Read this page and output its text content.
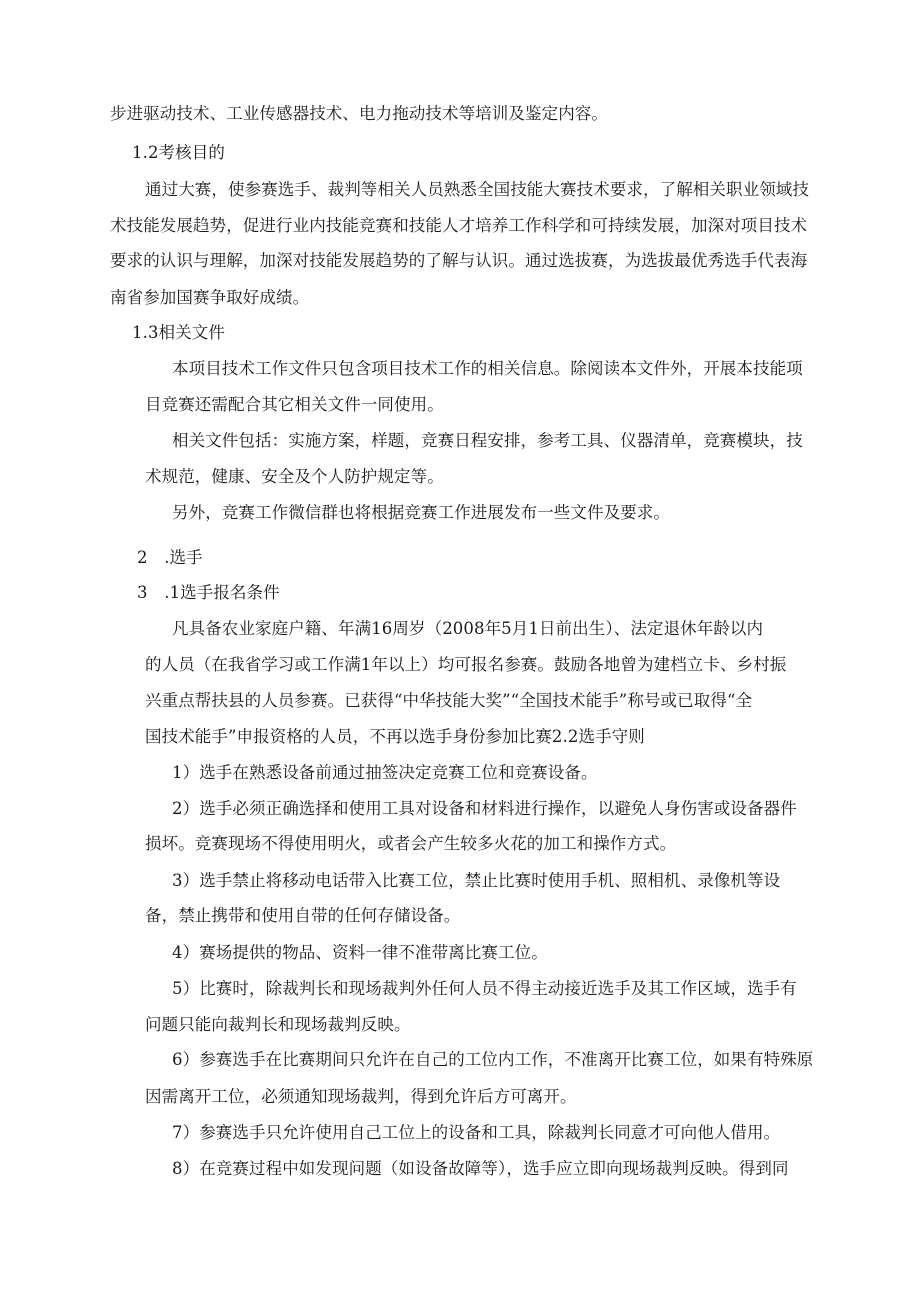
步进驱动技术、工业传感器技术、电力拖动技术等培训及鉴定内容。
1.2考核目的
通过大赛，使参赛选手、裁判等相关人员熟悉全国技能大赛技术要求，了解相关职业领域技
术技能发展趋势，促进行业内技能竞赛和技能人才培养工作科学和可持续发展，加深对项目技术
要求的认识与理解，加深对技能发展趋势的了解与认识。通过选拔赛，为选拔最优秀选手代表海
南省参加国赛争取好成绩。
1.3相关文件
本项目技术工作文件只包含项目技术工作的相关信息。除阅读本文件外，开展本技能项
目竞赛还需配合其它相关文件一同使用。
相关文件包括：实施方案，样题，竞赛日程安排，参考工具、仪器清单，竞赛模块，技
术规范，健康、安全及个人防护规定等。
另外，竞赛工作微信群也将根据竞赛工作进展发布一些文件及要求。
2　.选手
3　.1选手报名条件
凡具备农业家庭户籍、年满16周岁（2008年5月1日前出生）、法定退休年龄以内
的人员（在我省学习或工作满1年以上）均可报名参赛。鼓励各地曾为建档立卡、乡村振
兴重点帮扶县的人员参赛。已获得“中华技能大奖”“全国技术能手”称号或已取得“全
国技术能手”申报资格的人员，不再以选手身份参加比赛2.2选手守则
1）选手在熟悉设备前通过抽签决定竞赛工位和竞赛设备。
2）选手必须正确选择和使用工具对设备和材料进行操作，以避免人身伤害或设备器件
损坏。竞赛现场不得使用明火，或者会产生较多火花的加工和操作方式。
3）选手禁止将移动电话带入比赛工位，禁止比赛时使用手机、照相机、录像机等设
备，禁止携带和使用自带的任何存储设备。
4）赛场提供的物品、资料一律不准带离比赛工位。
5）比赛时，除裁判长和现场裁判外任何人员不得主动接近选手及其工作区域，选手有
问题只能向裁判长和现场裁判反映。
6）参赛选手在比赛期间只允许在自己的工位内工作，不准离开比赛工位，如果有特殊原
因需离开工位，必须通知现场裁判，得到允许后方可离开。
7）参赛选手只允许使用自己工位上的设备和工具，除裁判长同意才可向他人借用。
8）在竞赛过程中如发现问题（如设备故障等），选手应立即向现场裁判反映。得到同
